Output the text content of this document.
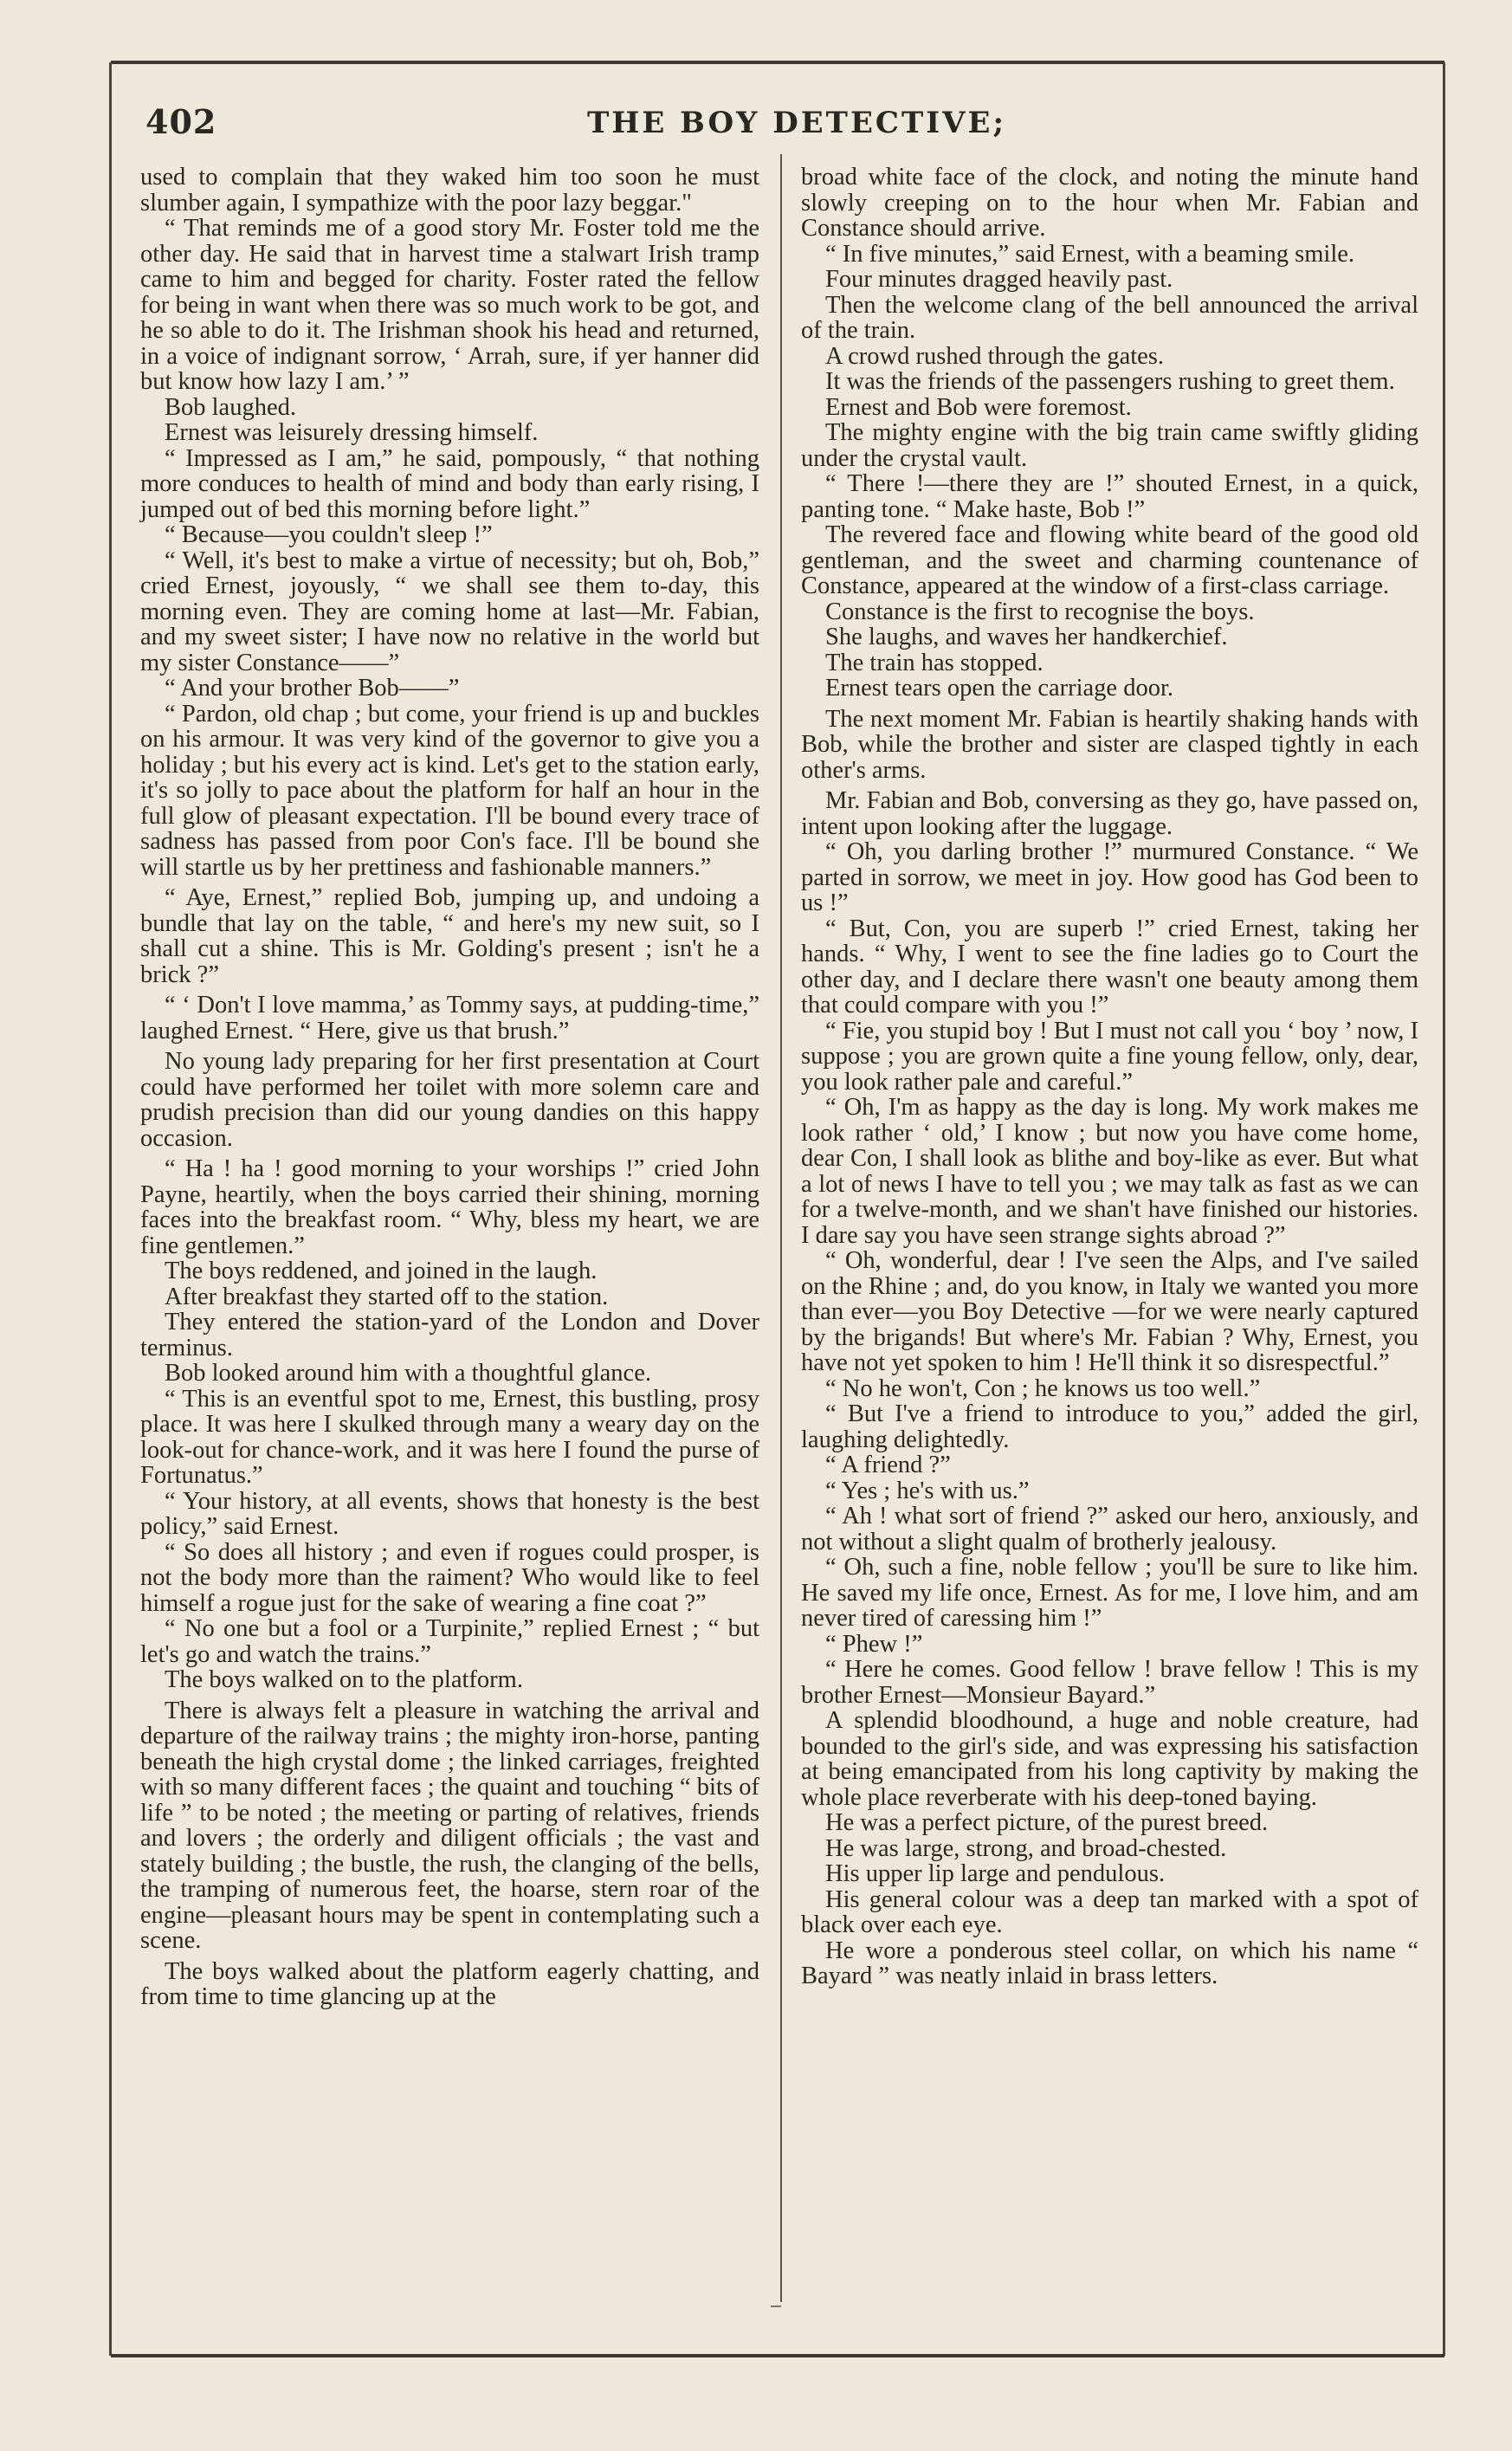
402	THE BOY DETECTIVE;

used to complain that they waked him too soon he must slumber again, I sympathize with the poor lazy beggar."

“ That reminds me of a good story Mr. Foster told me the other day. He said that in harvest time a stalwart Irish tramp came to him and begged for charity. Foster rated the fellow for being in want when there was so much work to be got, and he so able to do it. The Irishman shook his head and returned, in a voice of indignant sorrow, ‘ Arrah, sure, if yer hanner did but know how lazy I am.’ ”

Bob laughed.

Ernest was leisurely dressing himself.

“ Impressed as I am,” he said, pompously, “ that nothing more conduces to health of mind and body than early rising, I jumped out of bed this morning before light.”

“ Because—you couldn't sleep !”

“ Well, it's best to make a virtue of necessity; but oh, Bob,” cried Ernest, joyously, “ we shall see them to-day, this morning even. They are coming home at last—Mr. Fabian, and my sweet sister; I have now no relative in the world but my sister Constance——”

“ And your brother Bob——”

“ Pardon, old chap ; but come, your friend is up and buckles on his armour. It was very kind of the governor to give you a holiday ; but his every act is kind. Let's get to the station early, it's so jolly to pace about the platform for half an hour in the full glow of pleasant expectation. I'll be bound every trace of sadness has passed from poor Con's face. I'll be bound she will startle us by her prettiness and fashionable manners.”

“ Aye, Ernest,” replied Bob, jumping up, and undoing a bundle that lay on the table, “ and here's my new suit, so I shall cut a shine. This is Mr. Golding's present ; isn't he a brick ?”

“ ‘ Don't I love mamma,’ as Tommy says, at pudding-time,” laughed Ernest. “ Here, give us that brush.”

No young lady preparing for her first presentation at Court could have performed her toilet with more solemn care and prudish precision than did our young dandies on this happy occasion.

“ Ha ! ha ! good morning to your worships !” cried John Payne, heartily, when the boys carried their shining, morning faces into the breakfast room. “ Why, bless my heart, we are fine gentlemen.”

The boys reddened, and joined in the laugh.

After breakfast they started off to the station.

They entered the station-yard of the London and Dover terminus.

Bob looked around him with a thoughtful glance.

“ This is an eventful spot to me, Ernest, this bustling, prosy place. It was here I skulked through many a weary day on the look-out for chance-work, and it was here I found the purse of Fortunatus.”

“ Your history, at all events, shows that honesty is the best policy,” said Ernest.

“ So does all history ; and even if rogues could prosper, is not the body more than the raiment? Who would like to feel himself a rogue just for the sake of wearing a fine coat ?”

“ No one but a fool or a Turpinite,” replied Ernest ; “ but let's go and watch the trains.”

The boys walked on to the platform.

There is always felt a pleasure in watching the arrival and departure of the railway trains ; the mighty iron-horse, panting beneath the high crystal dome ; the linked carriages, freighted with so many different faces ; the quaint and touching “ bits of life ” to be noted ; the meeting or parting of relatives, friends and lovers ; the orderly and diligent officials ; the vast and stately building ; the bustle, the rush, the clanging of the bells, the tramping of numerous feet, the hoarse, stern roar of the engine—pleasant hours may be spent in contemplating such a scene.

The boys walked about the platform eagerly chatting, and from time to time glancing up at the

broad white face of the clock, and noting the minute hand slowly creeping on to the hour when Mr. Fabian and Constance should arrive.

“ In five minutes,” said Ernest, with a beaming smile.

Four minutes dragged heavily past.

Then the welcome clang of the bell announced the arrival of the train.

A crowd rushed through the gates.

It was the friends of the passengers rushing to greet them.

Ernest and Bob were foremost.

The mighty engine with the big train came swiftly gliding under the crystal vault.

“ There !—there they are !” shouted Ernest, in a quick, panting tone. “ Make haste, Bob !”

The revered face and flowing white beard of the good old gentleman, and the sweet and charming countenance of Constance, appeared at the window of a first-class carriage.

Constance is the first to recognise the boys.

She laughs, and waves her handkerchief.

The train has stopped.

Ernest tears open the carriage door.

The next moment Mr. Fabian is heartily shaking hands with Bob, while the brother and sister are clasped tightly in each other's arms.

Mr. Fabian and Bob, conversing as they go, have passed on, intent upon looking after the luggage.

“ Oh, you darling brother !” murmured Constance. “ We parted in sorrow, we meet in joy. How good has God been to us !”

“ But, Con, you are superb !” cried Ernest, taking her hands. “ Why, I went to see the fine ladies go to Court the other day, and I declare there wasn't one beauty among them that could compare with you !”

“ Fie, you stupid boy ! But I must not call you ‘ boy ’ now, I suppose ; you are grown quite a fine young fellow, only, dear, you look rather pale and careful.”

“ Oh, I'm as happy as the day is long. My work makes me look rather ‘ old,’ I know ; but now you have come home, dear Con, I shall look as blithe and boy-like as ever. But what a lot of news I have to tell you ; we may talk as fast as we can for a twelve-month, and we shan't have finished our histories. I dare say you have seen strange sights abroad ?”

“ Oh, wonderful, dear ! I've seen the Alps, and I've sailed on the Rhine ; and, do you know, in Italy we wanted you more than ever—you Boy Detective —for we were nearly captured by the brigands! But where's Mr. Fabian ? Why, Ernest, you have not yet spoken to him ! He'll think it so disrespectful.”

“ No he won't, Con ; he knows us too well.”

“ But I've a friend to introduce to you,” added the girl, laughing delightedly.

“ A friend ?”

“ Yes ; he's with us.”

“ Ah ! what sort of friend ?” asked our hero, anxiously, and not without a slight qualm of brotherly jealousy.

“ Oh, such a fine, noble fellow ; you'll be sure to like him. He saved my life once, Ernest. As for me, I love him, and am never tired of caressing him !”

“ Phew !”

“ Here he comes. Good fellow ! brave fellow ! This is my brother Ernest—Monsieur Bayard.”

A splendid bloodhound, a huge and noble creature, had bounded to the girl's side, and was expressing his satisfaction at being emancipated from his long captivity by making the whole place reverberate with his deep-toned baying.

He was a perfect picture, of the purest breed.

He was large, strong, and broad-chested.

His upper lip large and pendulous.

His general colour was a deep tan marked with a spot of black over each eye.

He wore a ponderous steel collar, on which his name “ Bayard ” was neatly inlaid in brass letters.
